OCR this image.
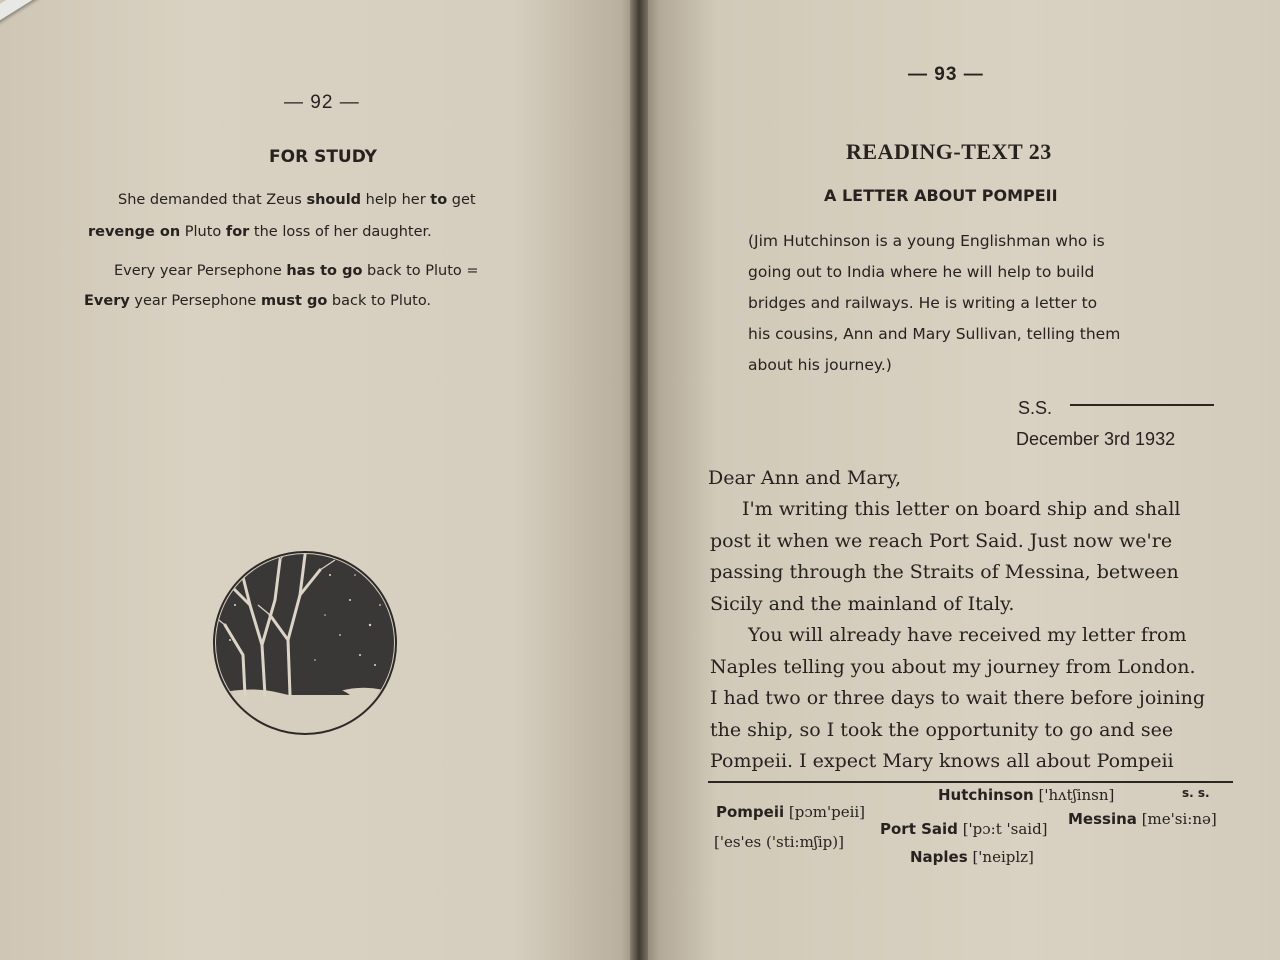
— 92 —
FOR STUDY
She demanded that Zeus should help her to get
revenge on Pluto for the loss of her daughter.
Every year Persephone has to go back to Pluto =
Every year Persephone must go back to Pluto.
— 93 —
READING-TEXT 23
A LETTER ABOUT POMPEII
(Jim Hutchinson is a young Englishman who is
going out to India where he will help to build
bridges and railways. He is writing a letter to
his cousins, Ann and Mary Sullivan, telling them
about his journey.)
S.S.
December 3rd 1932
Dear Ann and Mary,
I'm writing this letter on board ship and shall
post it when we reach Port Said. Just now we're
passing through the Straits of Messina, between
Sicily and the mainland of Italy.
You will already have received my letter from
Naples telling you about my journey from London.
I had two or three days to wait there before joining
the ship, so I took the opportunity to go and see
Pompeii. I expect Mary knows all about Pompeii
Pompeii [pɔm'peii]
Hutchinson ['hʌtʃinsn]	s. s.
['es'es ('sti:mʃip)]
Port Said ['pɔ:t 'said]
Messina [me'si:nə]
Naples ['neiplz]
